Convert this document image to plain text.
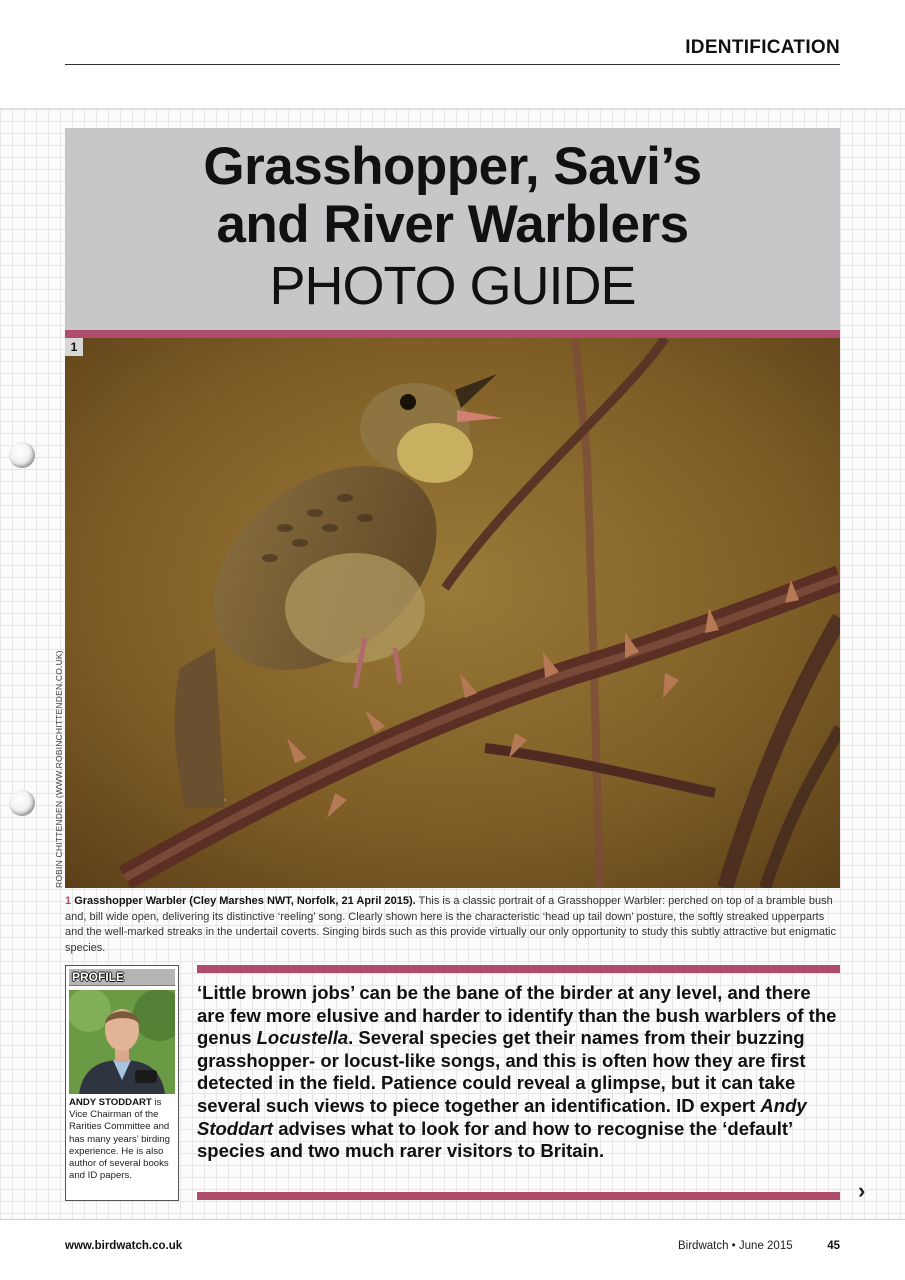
IDENTIFICATION
Grasshopper, Savi’s
and River Warblers
PHOTO GUIDE
1
ROBIN CHITTENDEN (WWW.ROBINCHITTENDEN.CO.UK)
1 Grasshopper Warbler (Cley Marshes NWT, Norfolk, 21 April 2015). This is a classic portrait of a Grasshopper Warbler: perched on top of a bramble bush and, bill wide open, delivering its distinctive ‘reeling’ song. Clearly shown here is the characteristic ‘head up tail down’ posture, the softly streaked upperparts and the well-marked streaks in the undertail coverts. Singing birds such as this provide virtually our only opportunity to study this subtly attractive but enigmatic species.
PROFILE
ANDY STODDART is Vice Chairman of the Rarities Committee and has many years’ birding experience. He is also author of several books and ID papers.
‘Little brown jobs’ can be the bane of the birder at any level, and there are few more elusive and harder to identify than the bush warblers of the genus Locustella. Several species get their names from their buzzing grasshopper- or locust-like songs, and this is often how they are first detected in the field. Patience could reveal a glimpse, but it can take several such views to piece together an identification. ID expert Andy Stoddart advises what to look for and how to recognise the ‘default’ species and two much rarer visitors to Britain.
›
www.birdwatch.co.uk	Birdwatch • June 2015	45
